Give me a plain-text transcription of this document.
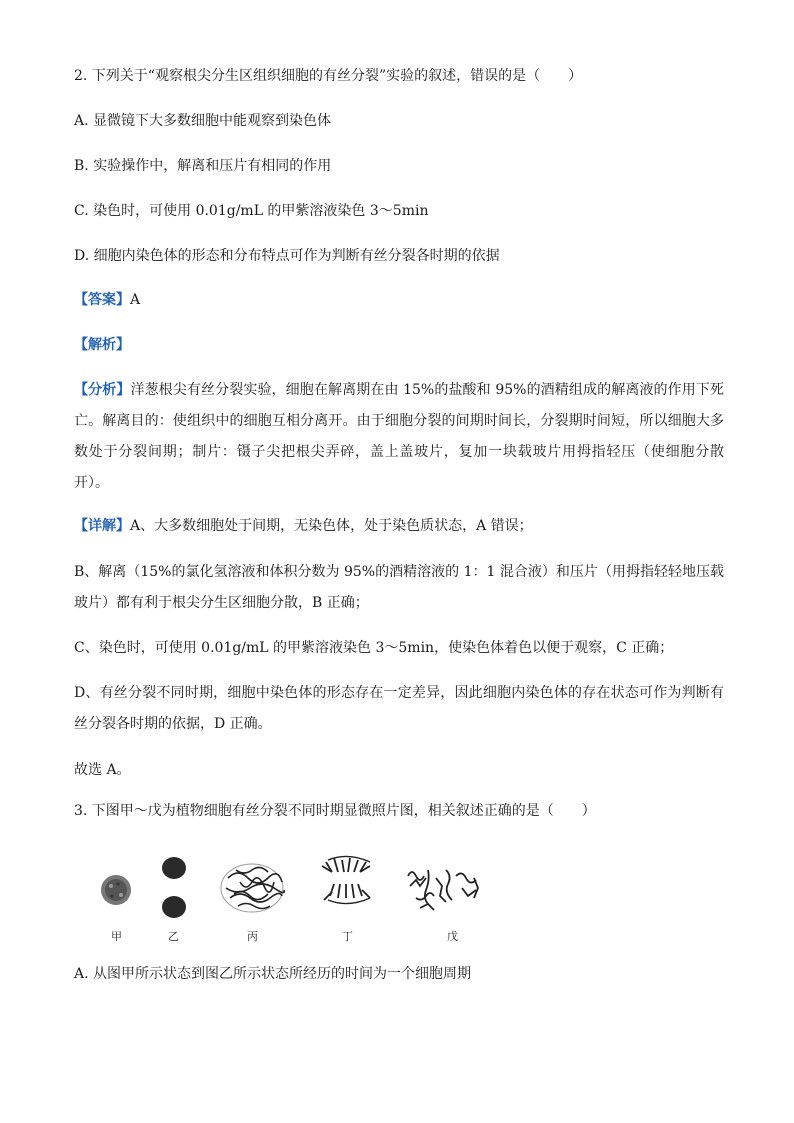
2. 下列关于“观察根尖分生区组织细胞的有丝分裂”实验的叙述，错误的是（　　）
A. 显微镜下大多数细胞中能观察到染色体
B. 实验操作中，解离和压片有相同的作用
C. 染色时，可使用 0.01g/mL 的甲紫溶液染色 3～5min
D. 细胞内染色体的形态和分布特点可作为判断有丝分裂各时期的依据
【答案】A
【解析】
【分析】洋葱根尖有丝分裂实验，细胞在解离期在由 15%的盐酸和 95%的酒精组成的解离液的作用下死亡。解离目的：使组织中的细胞互相分离开。由于细胞分裂的间期时间长，分裂期时间短，所以细胞大多数处于分裂间期；制片：镊子尖把根尖弄碎，盖上盖玻片，复加一块载玻片用拇指轻压（使细胞分散开）。
【详解】A、大多数细胞处于间期，无染色体，处于染色质状态，A 错误；
B、解离（15%的氯化氢溶液和体积分数为 95%的酒精溶液的 1：1 混合液）和压片（用拇指轻轻地压载玻片）都有利于根尖分生区细胞分散，B 正确；
C、染色时，可使用 0.01g/mL 的甲紫溶液染色 3～5min，使染色体着色以便于观察，C 正确；
D、有丝分裂不同时期，细胞中染色体的形态存在一定差异，因此细胞内染色体的存在状态可作为判断有丝分裂各时期的依据，D 正确。
故选 A。
3. 下图甲～戊为植物细胞有丝分裂不同时期显微照片图，相关叙述正确的是（　　）
甲	乙	丙	丁	戊
A. 从图甲所示状态到图乙所示状态所经历的时间为一个细胞周期
